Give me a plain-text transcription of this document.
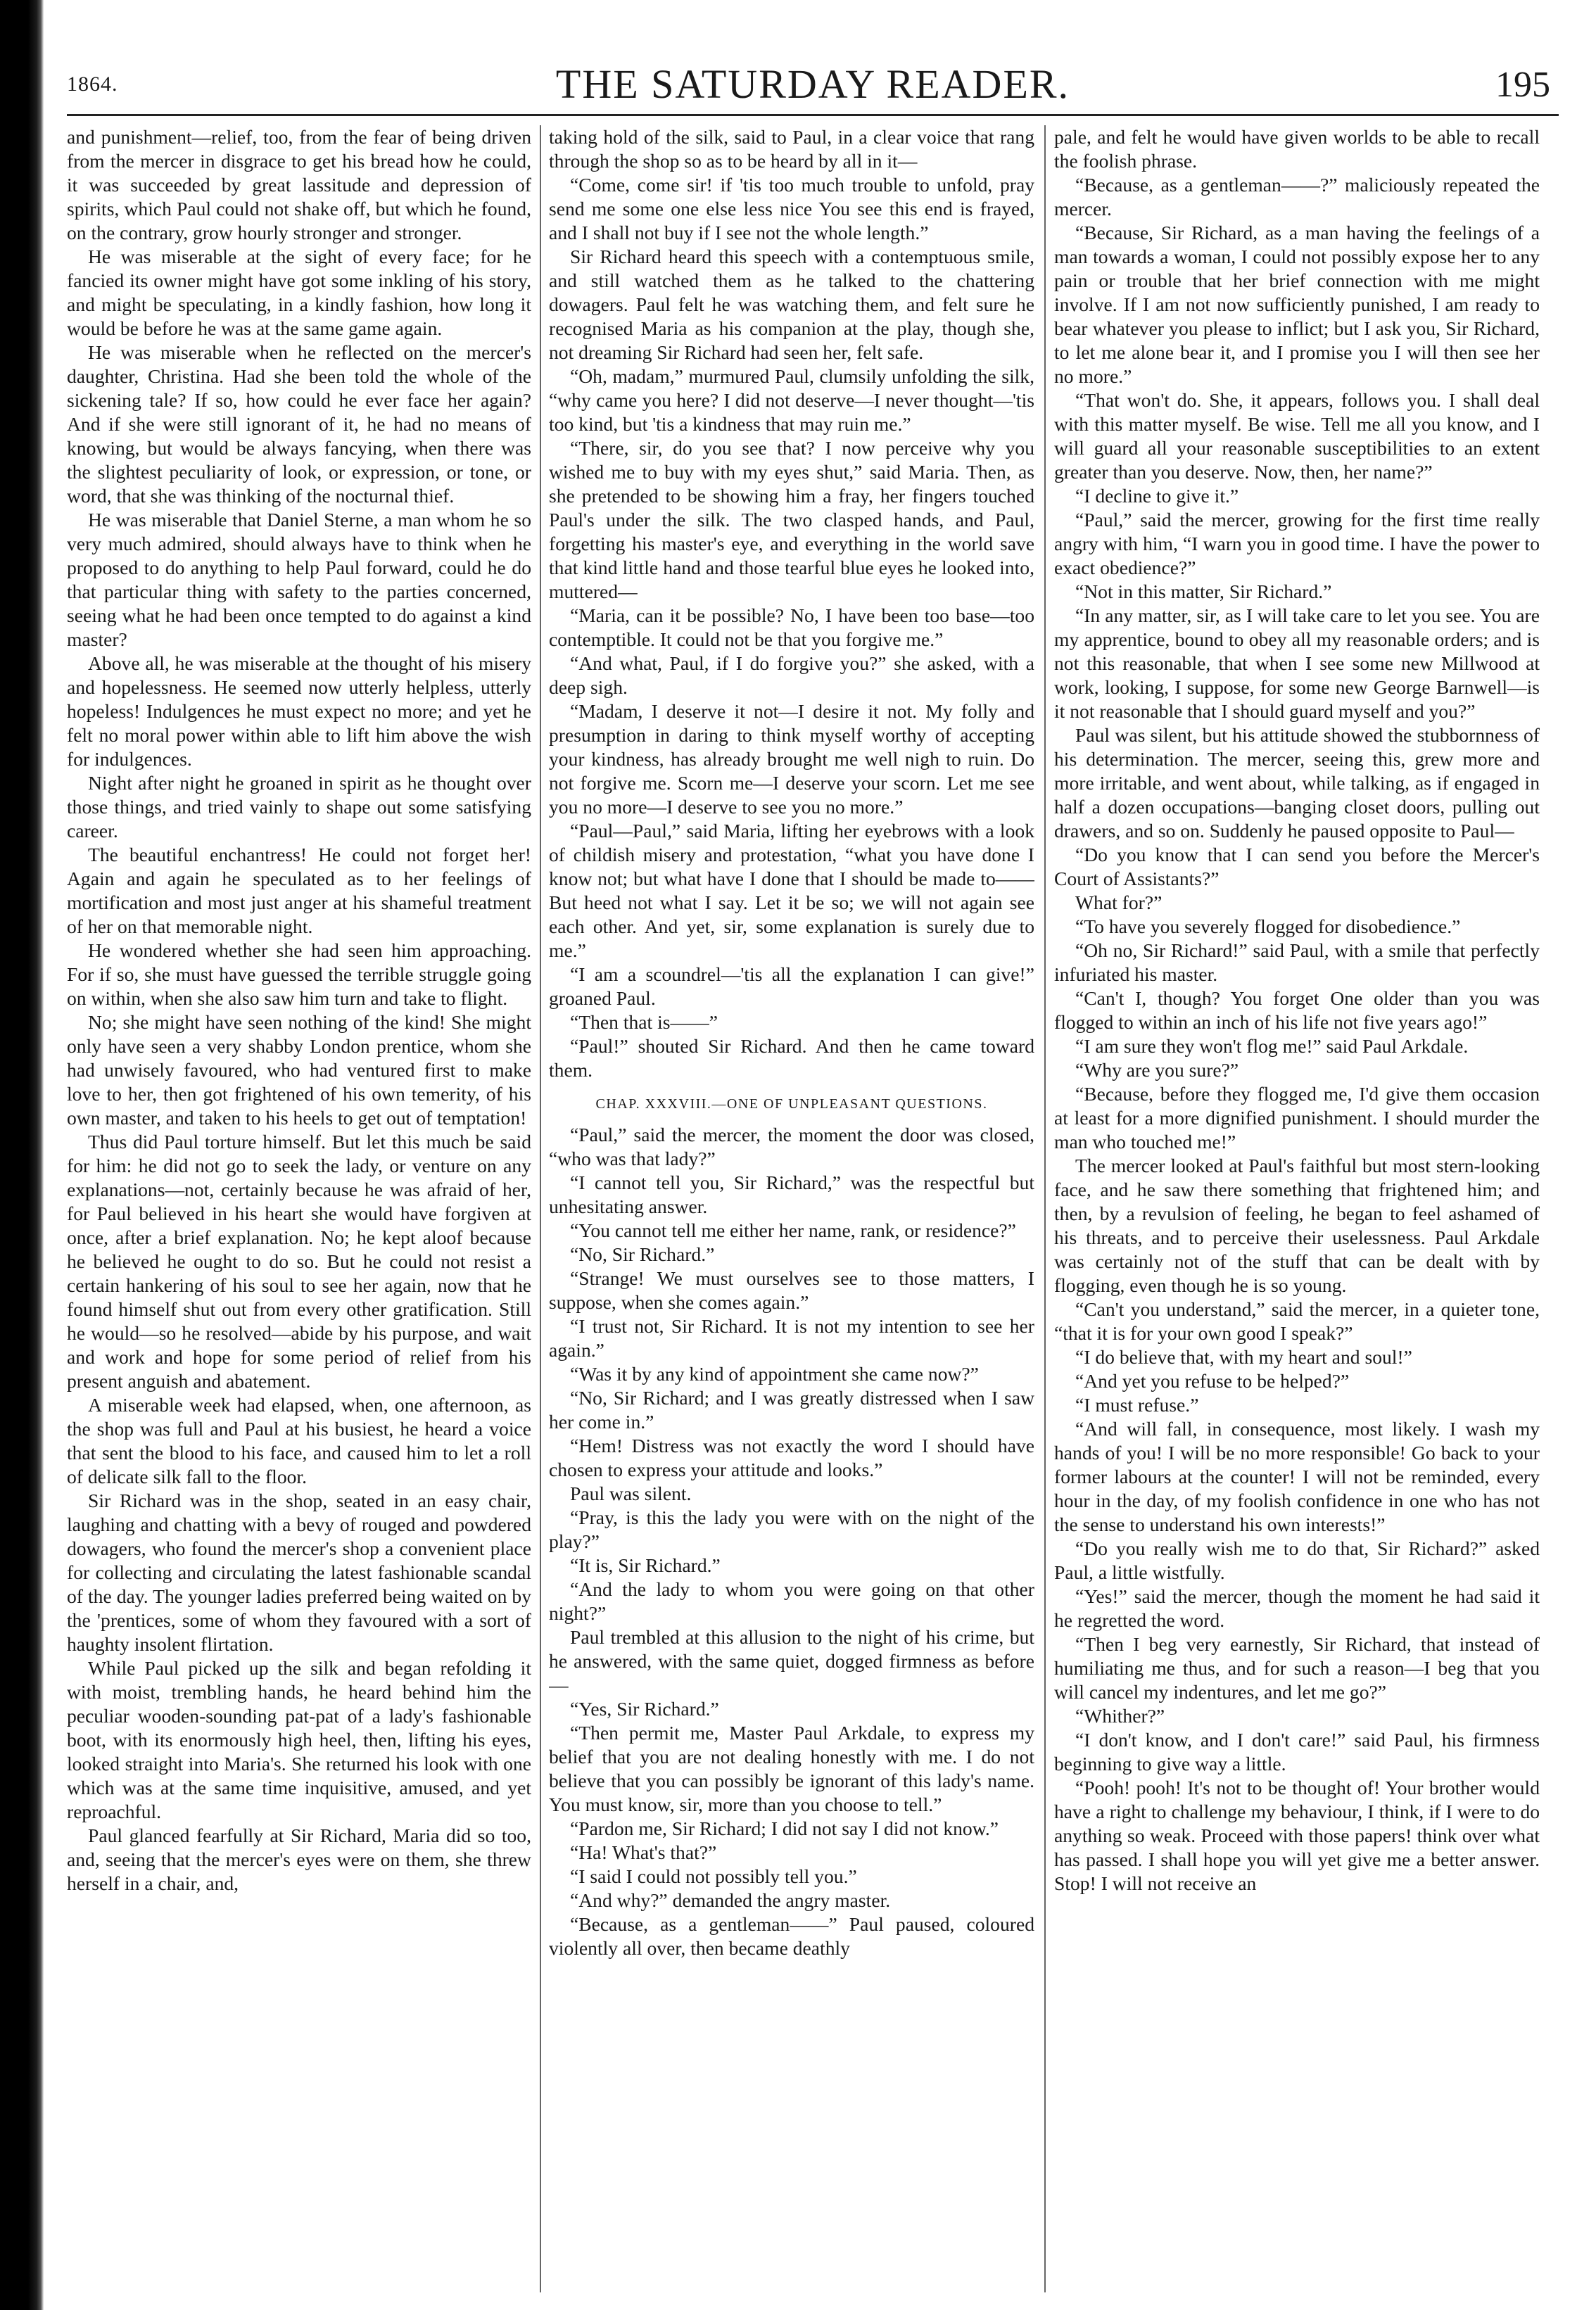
1864.	THE SATURDAY READER.	195

and punishment—relief, too, from the fear of being driven from the mercer in disgrace to get his bread how he could, it was succeeded by great lassitude and depression of spirits, which Paul could not shake off, but which he found, on the contrary, grow hourly stronger and stronger.

He was miserable at the sight of every face; for he fancied its owner might have got some inkling of his story, and might be speculating, in a kindly fashion, how long it would be before he was at the same game again.

He was miserable when he reflected on the mercer's daughter, Christina. Had she been told the whole of the sickening tale? If so, how could he ever face her again? And if she were still ignorant of it, he had no means of knowing, but would be always fancying, when there was the slightest peculiarity of look, or expression, or tone, or word, that she was thinking of the nocturnal thief.

He was miserable that Daniel Sterne, a man whom he so very much admired, should always have to think when he proposed to do anything to help Paul forward, could he do that particular thing with safety to the parties concerned, seeing what he had been once tempted to do against a kind master?

Above all, he was miserable at the thought of his misery and hopelessness. He seemed now utterly helpless, utterly hopeless! Indulgences he must expect no more; and yet he felt no moral power within able to lift him above the wish for indulgences.

Night after night he groaned in spirit as he thought over those things, and tried vainly to shape out some satisfying career.

The beautiful enchantress! He could not forget her! Again and again he speculated as to her feelings of mortification and most just anger at his shameful treatment of her on that memorable night.

He wondered whether she had seen him approaching. For if so, she must have guessed the terrible struggle going on within, when she also saw him turn and take to flight.

No; she might have seen nothing of the kind! She might only have seen a very shabby London prentice, whom she had unwisely favoured, who had ventured first to make love to her, then got frightened of his own temerity, of his own master, and taken to his heels to get out of temptation!

Thus did Paul torture himself. But let this much be said for him: he did not go to seek the lady, or venture on any explanations—not, certainly because he was afraid of her, for Paul believed in his heart she would have forgiven at once, after a brief explanation. No; he kept aloof because he believed he ought to do so. But he could not resist a certain hankering of his soul to see her again, now that he found himself shut out from every other gratification. Still he would—so he resolved—abide by his purpose, and wait and work and hope for some period of relief from his present anguish and abatement.

A miserable week had elapsed, when, one afternoon, as the shop was full and Paul at his busiest, he heard a voice that sent the blood to his face, and caused him to let a roll of delicate silk fall to the floor.

Sir Richard was in the shop, seated in an easy chair, laughing and chatting with a bevy of rouged and powdered dowagers, who found the mercer's shop a convenient place for collecting and circulating the latest fashionable scandal of the day. The younger ladies preferred being waited on by the 'prentices, some of whom they favoured with a sort of haughty insolent flirtation.

While Paul picked up the silk and began refolding it with moist, trembling hands, he heard behind him the peculiar wooden-sounding pat-pat of a lady's fashionable boot, with its enormously high heel, then, lifting his eyes, looked straight into Maria's. She returned his look with one which was at the same time inquisitive, amused, and yet reproachful.

Paul glanced fearfully at Sir Richard, Maria did so too, and, seeing that the mercer's eyes were on them, she threw herself in a chair, and,

taking hold of the silk, said to Paul, in a clear voice that rang through the shop so as to be heard by all in it—

“Come, come sir! if 'tis too much trouble to unfold, pray send me some one else less nice You see this end is frayed, and I shall not buy if I see not the whole length.”

Sir Richard heard this speech with a contemptuous smile, and still watched them as he talked to the chattering dowagers. Paul felt he was watching them, and felt sure he recognised Maria as his companion at the play, though she, not dreaming Sir Richard had seen her, felt safe.

“Oh, madam,” murmured Paul, clumsily unfolding the silk, “why came you here? I did not deserve—I never thought—'tis too kind, but 'tis a kindness that may ruin me.”

“There, sir, do you see that? I now perceive why you wished me to buy with my eyes shut,” said Maria. Then, as she pretended to be showing him a fray, her fingers touched Paul's under the silk. The two clasped hands, and Paul, forgetting his master's eye, and everything in the world save that kind little hand and those tearful blue eyes he looked into, muttered—

“Maria, can it be possible? No, I have been too base—too contemptible. It could not be that you forgive me.”

“And what, Paul, if I do forgive you?” she asked, with a deep sigh.

“Madam, I deserve it not—I desire it not. My folly and presumption in daring to think myself worthy of accepting your kindness, has already brought me well nigh to ruin. Do not forgive me. Scorn me—I deserve your scorn. Let me see you no more—I deserve to see you no more.”

“Paul—Paul,” said Maria, lifting her eyebrows with a look of childish misery and protestation, “what you have done I know not; but what have I done that I should be made to—— But heed not what I say. Let it be so; we will not again see each other. And yet, sir, some explanation is surely due to me.”

“I am a scoundrel—'tis all the explanation I can give!” groaned Paul.

“Then that is——”

“Paul!” shouted Sir Richard. And then he came toward them.

CHAP. XXXVIII.—ONE OF UNPLEASANT QUESTIONS.

“Paul,” said the mercer, the moment the door was closed, “who was that lady?”

“I cannot tell you, Sir Richard,” was the respectful but unhesitating answer.

“You cannot tell me either her name, rank, or residence?”

“No, Sir Richard.”

“Strange! We must ourselves see to those matters, I suppose, when she comes again.”

“I trust not, Sir Richard. It is not my intention to see her again.”

“Was it by any kind of appointment she came now?”

“No, Sir Richard; and I was greatly distressed when I saw her come in.”

“Hem! Distress was not exactly the word I should have chosen to express your attitude and looks.”

Paul was silent.

“Pray, is this the lady you were with on the night of the play?”

“It is, Sir Richard.”

“And the lady to whom you were going on that other night?”

Paul trembled at this allusion to the night of his crime, but he answered, with the same quiet, dogged firmness as before—

“Yes, Sir Richard.”

“Then permit me, Master Paul Arkdale, to express my belief that you are not dealing honestly with me. I do not believe that you can possibly be ignorant of this lady's name. You must know, sir, more than you choose to tell.”

“Pardon me, Sir Richard; I did not say I did not know.”

“Ha! What's that?”

“I said I could not possibly tell you.”

“And why?” demanded the angry master.

“Because, as a gentleman——” Paul paused, coloured violently all over, then became deathly

pale, and felt he would have given worlds to be able to recall the foolish phrase.

“Because, as a gentleman——?” maliciously repeated the mercer.

“Because, Sir Richard, as a man having the feelings of a man towards a woman, I could not possibly expose her to any pain or trouble that her brief connection with me might involve. If I am not now sufficiently punished, I am ready to bear whatever you please to inflict; but I ask you, Sir Richard, to let me alone bear it, and I promise you I will then see her no more.”

“That won't do. She, it appears, follows you. I shall deal with this matter myself. Be wise. Tell me all you know, and I will guard all your reasonable susceptibilities to an extent greater than you deserve. Now, then, her name?”

“I decline to give it.”

“Paul,” said the mercer, growing for the first time really angry with him, “I warn you in good time. I have the power to exact obedience?”

“Not in this matter, Sir Richard.”

“In any matter, sir, as I will take care to let you see. You are my apprentice, bound to obey all my reasonable orders; and is not this reasonable, that when I see some new Millwood at work, looking, I suppose, for some new George Barnwell—is it not reasonable that I should guard myself and you?”

Paul was silent, but his attitude showed the stubbornness of his determination. The mercer, seeing this, grew more and more irritable, and went about, while talking, as if engaged in half a dozen occupations—banging closet doors, pulling out drawers, and so on. Suddenly he paused opposite to Paul—

“Do you know that I can send you before the Mercer's Court of Assistants?”

What for?”

“To have you severely flogged for disobedience.”

“Oh no, Sir Richard!” said Paul, with a smile that perfectly infuriated his master.

“Can't I, though? You forget One older than you was flogged to within an inch of his life not five years ago!”

“I am sure they won't flog me!” said Paul Arkdale.

“Why are you sure?”

“Because, before they flogged me, I'd give them occasion at least for a more dignified punishment. I should murder the man who touched me!”

The mercer looked at Paul's faithful but most stern-looking face, and he saw there something that frightened him; and then, by a revulsion of feeling, he began to feel ashamed of his threats, and to perceive their uselessness. Paul Arkdale was certainly not of the stuff that can be dealt with by flogging, even though he is so young.

“Can't you understand,” said the mercer, in a quieter tone, “that it is for your own good I speak?”

“I do believe that, with my heart and soul!”

“And yet you refuse to be helped?”

“I must refuse.”

“And will fall, in consequence, most likely. I wash my hands of you! I will be no more responsible! Go back to your former labours at the counter! I will not be reminded, every hour in the day, of my foolish confidence in one who has not the sense to understand his own interests!”

“Do you really wish me to do that, Sir Richard?” asked Paul, a little wistfully.

“Yes!” said the mercer, though the moment he had said it he regretted the word.

“Then I beg very earnestly, Sir Richard, that instead of humiliating me thus, and for such a reason—I beg that you will cancel my indentures, and let me go?”

“Whither?”

“I don't know, and I don't care!” said Paul, his firmness beginning to give way a little.

“Pooh! pooh! It's not to be thought of! Your brother would have a right to challenge my behaviour, I think, if I were to do anything so weak. Proceed with those papers! think over what has passed. I shall hope you will yet give me a better answer. Stop! I will not receive an
